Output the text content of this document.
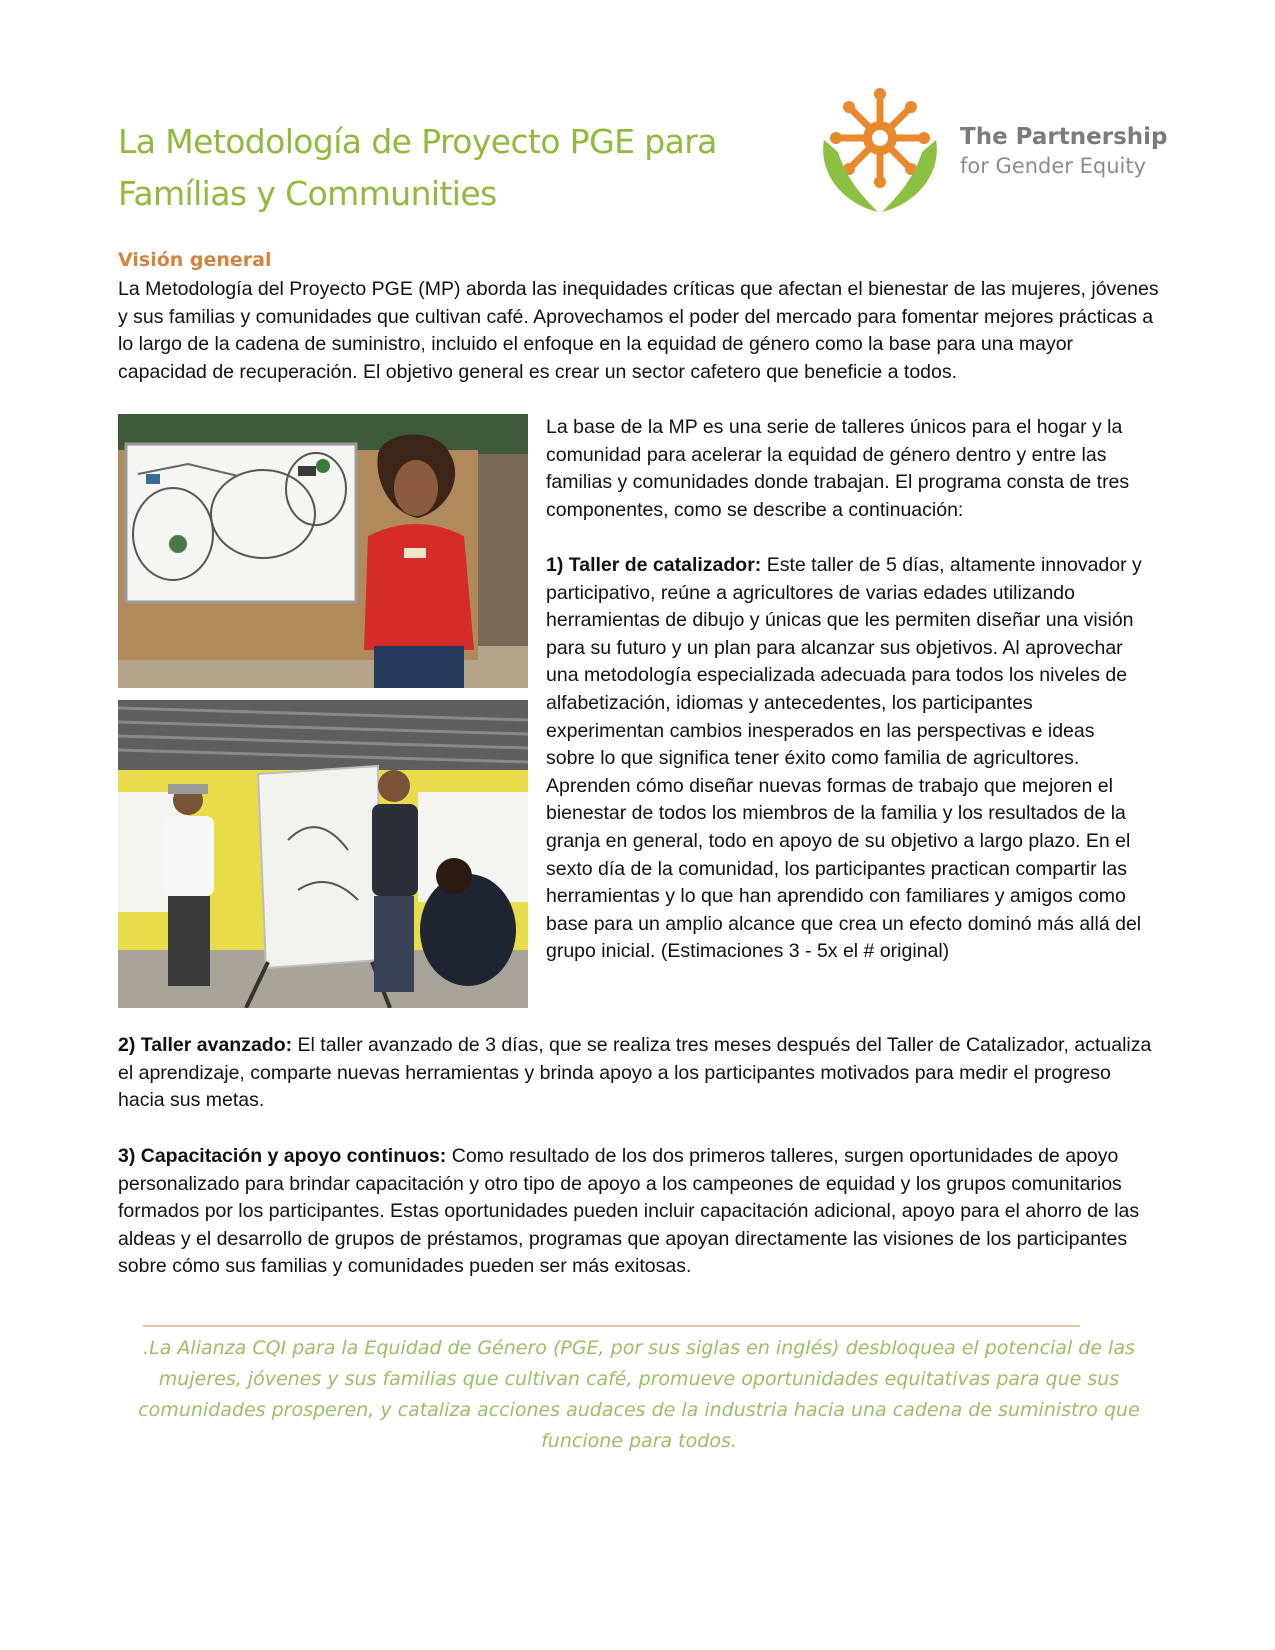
La Metodología de Proyecto PGE para
Famílias y Communities
The Partnership
for Gender Equity
Visión general

La Metodología del Proyecto PGE (MP) aborda las inequidades críticas que afectan el bienestar de las mujeres, jóvenes y sus familias y comunidades que cultivan café. Aprovechamos el poder del mercado para fomentar mejores prácticas a lo largo de la cadena de suministro, incluido el enfoque en la equidad de género como la base para una mayor capacidad de recuperación. El objetivo general es crear un sector cafetero que beneficie a todos.

La base de la MP es una serie de talleres únicos para el hogar y la comunidad para acelerar la equidad de género dentro y entre las familias y comunidades donde trabajan. El programa consta de tres componentes, como se describe a continuación:

1) Taller de catalizador: Este taller de 5 días, altamente innovador y participativo, reúne a agricultores de varias edades utilizando herramientas de dibujo y únicas que les permiten diseñar una visión para su futuro y un plan para alcanzar sus objetivos. Al aprovechar una metodología especializada adecuada para todos los niveles de alfabetización, idiomas y antecedentes, los participantes experimentan cambios inesperados en las perspectivas e ideas sobre lo que significa tener éxito como familia de agricultores. Aprenden cómo diseñar nuevas formas de trabajo que mejoren el bienestar de todos los miembros de la familia y los resultados de la granja en general, todo en apoyo de su objetivo a largo plazo. En el sexto día de la comunidad, los participantes practican compartir las herramientas y lo que han aprendido con familiares y amigos como base para un amplio alcance que crea un efecto dominó más allá del grupo inicial. (Estimaciones 3 - 5x el # original)

2) Taller avanzado: El taller avanzado de 3 días, que se realiza tres meses después del Taller de Catalizador, actualiza el aprendizaje, comparte nuevas herramientas y brinda apoyo a los participantes motivados para medir el progreso hacia sus metas.

3) Capacitación y apoyo continuos: Como resultado de los dos primeros talleres, surgen oportunidades de apoyo personalizado para brindar capacitación y otro tipo de apoyo a los campeones de equidad y los grupos comunitarios formados por los participantes. Estas oportunidades pueden incluir capacitación adicional, apoyo para el ahorro de las aldeas y el desarrollo de grupos de préstamos, programas que apoyan directamente las visiones de los participantes sobre cómo sus familias y comunidades pueden ser más exitosas.

.La Alianza CQI para la Equidad de Género (PGE, por sus siglas en inglés) desbloquea el potencial de las mujeres, jóvenes y sus familias que cultivan café, promueve oportunidades equitativas para que sus comunidades prosperen, y cataliza acciones audaces de la industria hacia una cadena de suministro que funcione para todos.
